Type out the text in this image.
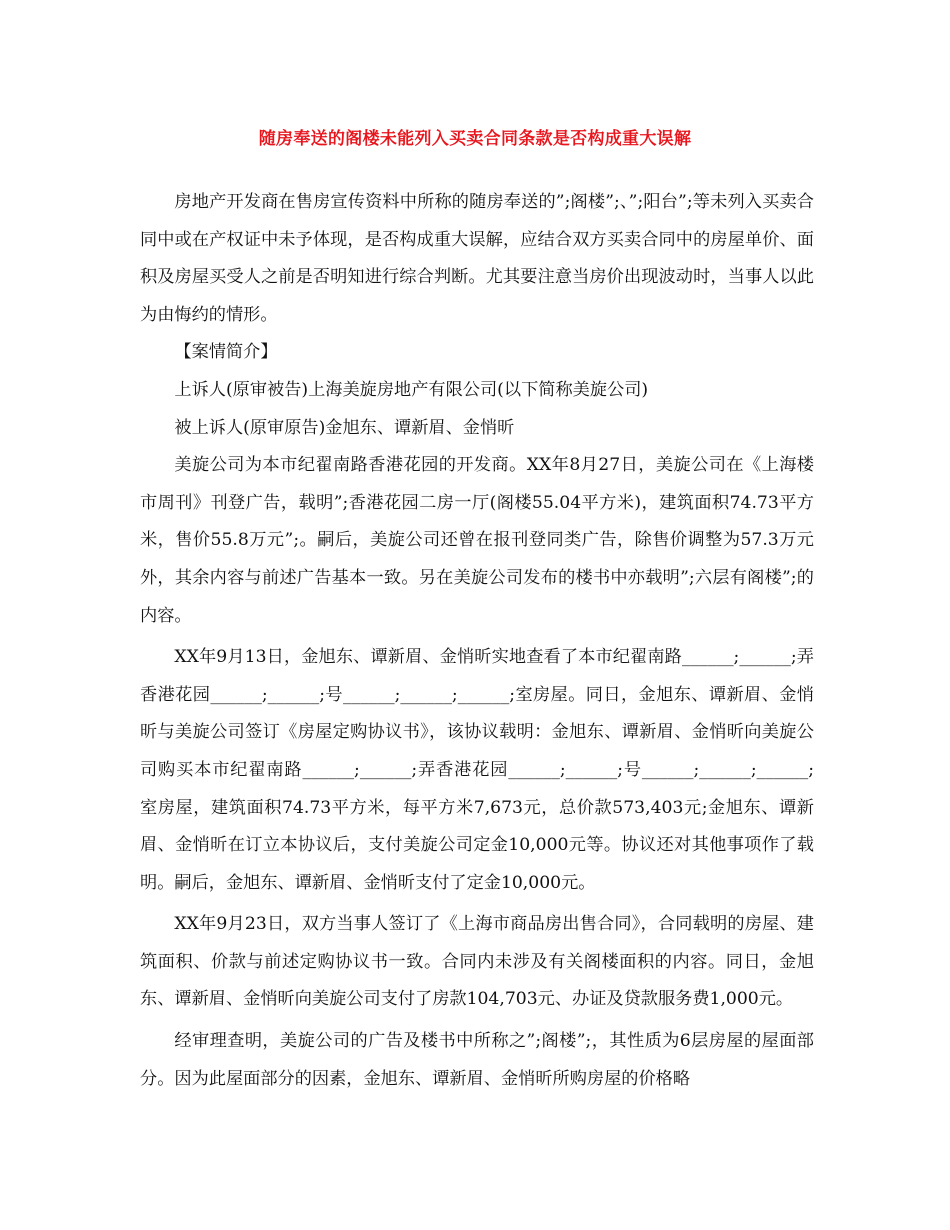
随房奉送的阁楼未能列入买卖合同条款是否构成重大误解

房地产开发商在售房宣传资料中所称的随房奉送的”;阁楼”;、”;阳台”;等未列入买卖合同中或在产权证中未予体现，是否构成重大误解，应结合双方买卖合同中的房屋单价、面积及房屋买受人之前是否明知进行综合判断。尤其要注意当房价出现波动时，当事人以此为由悔约的情形。

【案情简介】

上诉人(原审被告)上海美旋房地产有限公司(以下简称美旋公司)

被上诉人(原审原告)金旭东、谭新眉、金悄昕

美旋公司为本市纪翟南路香港花园的开发商。XX年8月27日，美旋公司在《上海楼市周刊》刊登广告，载明”;香港花园二房一厅(阁楼55.04平方米)，建筑面积74.73平方米，售价55.8万元”;。嗣后，美旋公司还曾在报刊登同类广告，除售价调整为57.3万元外，其余内容与前述广告基本一致。另在美旋公司发布的楼书中亦载明”;六层有阁楼”;的内容。

XX年9月13日，金旭东、谭新眉、金悄昕实地查看了本市纪翟南路______;______;弄香港花园______;______;号______;______;______;室房屋。同日，金旭东、谭新眉、金悄昕与美旋公司签订《房屋定购协议书》，该协议载明：金旭东、谭新眉、金悄昕向美旋公司购买本市纪翟南路______;______;弄香港花园______;______;号______;______;______;室房屋，建筑面积74.73平方米，每平方米7,673元，总价款573,403元;金旭东、谭新眉、金悄昕在订立本协议后，支付美旋公司定金10,000元等。协议还对其他事项作了载明。嗣后，金旭东、谭新眉、金悄昕支付了定金10,000元。

XX年9月23日，双方当事人签订了《上海市商品房出售合同》，合同载明的房屋、建筑面积、价款与前述定购协议书一致。合同内未涉及有关阁楼面积的内容。同日，金旭东、谭新眉、金悄昕向美旋公司支付了房款104,703元、办证及贷款服务费1,000元。

经审理查明，美旋公司的广告及楼书中所称之”;阁楼”;，其性质为6层房屋的屋面部分。因为此屋面部分的因素，金旭东、谭新眉、金悄昕所购房屋的价格略
